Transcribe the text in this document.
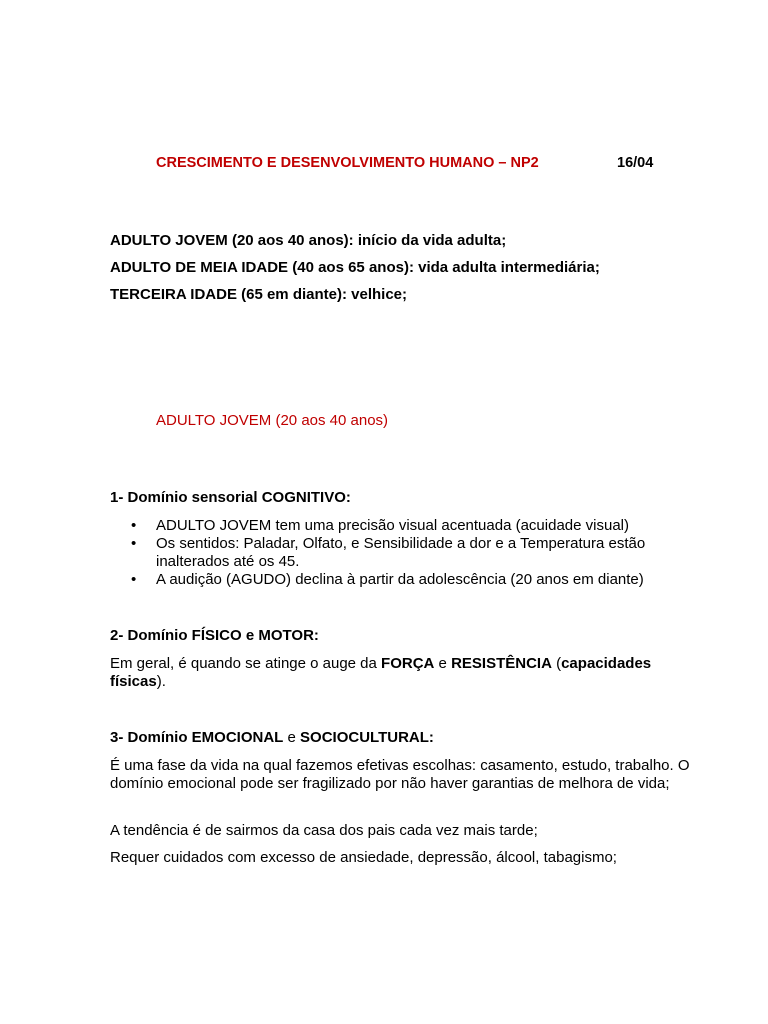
CRESCIMENTO E DESENVOLVIMENTO HUMANO – NP2	16/04
ADULTO JOVEM (20 aos 40 anos): início da vida adulta;
ADULTO DE MEIA IDADE (40 aos 65 anos): vida adulta intermediária;
TERCEIRA IDADE (65 em diante): velhice;
ADULTO JOVEM (20 aos 40 anos)
1- Domínio sensorial COGNITIVO:
• ADULTO JOVEM tem uma precisão visual acentuada (acuidade visual)
• Os sentidos: Paladar, Olfato, e Sensibilidade a dor e a Temperatura estão inalterados até os 45.
• A audição (AGUDO) declina à partir da adolescência (20 anos em diante)
2- Domínio FÍSICO e MOTOR:
Em geral, é quando se atinge o auge da FORÇA e RESISTÊNCIA (capacidades físicas).
3- Domínio EMOCIONAL e SOCIOCULTURAL:
É uma fase da vida na qual fazemos efetivas escolhas: casamento, estudo, trabalho. O domínio emocional pode ser fragilizado por não haver garantias de melhora de vida;
A tendência é de sairmos da casa dos pais cada vez mais tarde;
Requer cuidados com excesso de ansiedade, depressão, álcool, tabagismo;
